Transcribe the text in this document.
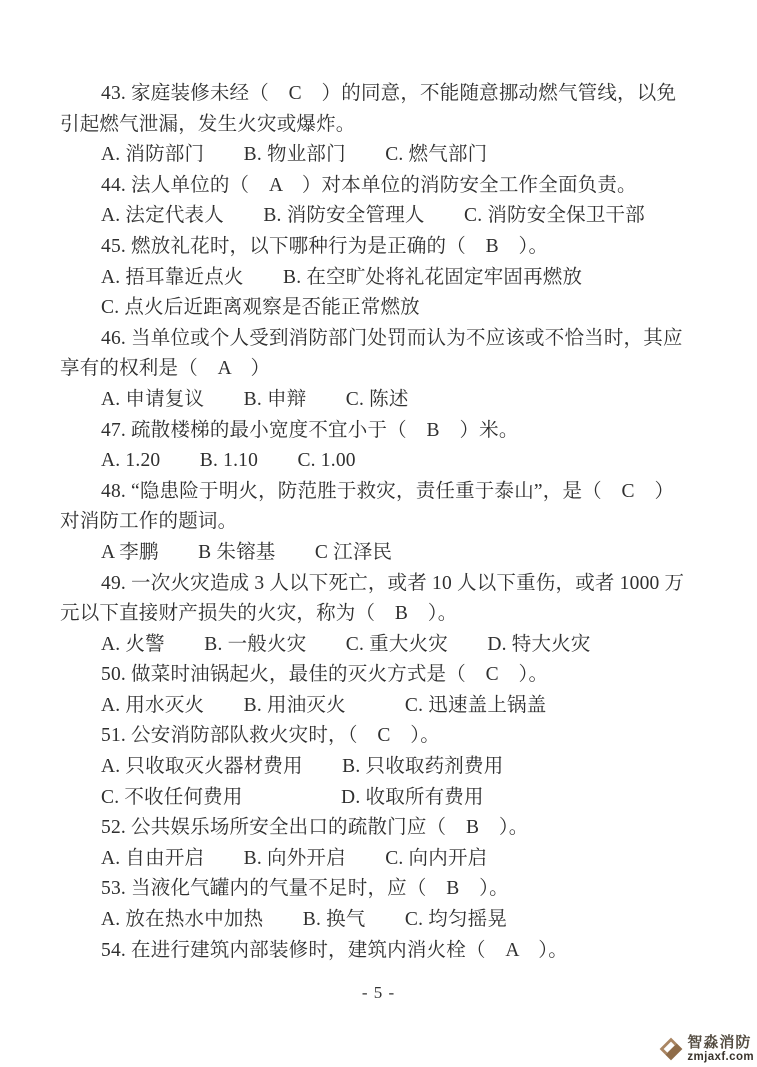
43. 家庭装修未经（　C　）的同意，不能随意挪动燃气管线，以免
引起燃气泄漏，发生火灾或爆炸。
A. 消防部门　　B. 物业部门　　C. 燃气部门
44. 法人单位的（　A　）对本单位的消防安全工作全面负责。
A. 法定代表人　　B. 消防安全管理人　　C. 消防安全保卫干部
45. 燃放礼花时，以下哪种行为是正确的（　B　）。
A. 捂耳靠近点火　　B. 在空旷处将礼花固定牢固再燃放
C. 点火后近距离观察是否能正常燃放
46. 当单位或个人受到消防部门处罚而认为不应该或不恰当时，其应
享有的权利是（　A　）
A. 申请复议　　B. 申辩　　C. 陈述
47. 疏散楼梯的最小宽度不宜小于（　B　）米。
A. 1.20　　B. 1.10　　C. 1.00
48. “隐患险于明火，防范胜于救灾，责任重于泰山”，是（　C　）
对消防工作的题词。
A 李鹏　　B 朱镕基　　C 江泽民
49. 一次火灾造成 3 人以下死亡，或者 10 人以下重伤，或者 1000 万
元以下直接财产损失的火灾，称为（　B　）。
A. 火警　　B. 一般火灾　　C. 重大火灾　　D. 特大火灾
50. 做菜时油锅起火，最佳的灭火方式是（　C　）。
A. 用水灭火　　B. 用油灭火　　　C. 迅速盖上锅盖
51. 公安消防部队救火灾时，（　C　）。
A. 只收取灭火器材费用　　B. 只收取药剂费用
C. 不收任何费用　　　　　D. 收取所有费用
52. 公共娱乐场所安全出口的疏散门应（　B　）。
A. 自由开启　　B. 向外开启　　C. 向内开启
53. 当液化气罐内的气量不足时，应（　B　）。
A. 放在热水中加热　　B. 换气　　C. 均匀摇晃
54. 在进行建筑内部装修时，建筑内消火栓（　A　）。
- 5 -
智淼消防
zmjaxf.com
